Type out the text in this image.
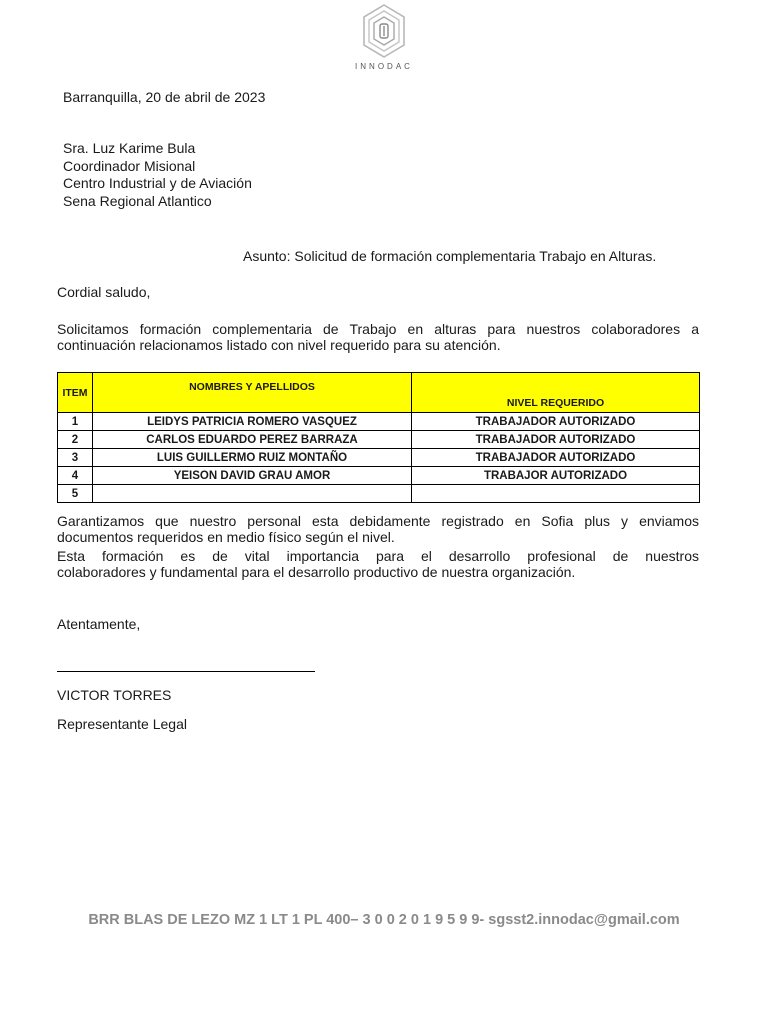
INNODAC
Barranquilla, 20 de abril de 2023
Sra. Luz Karime Bula
Coordinador Misional
Centro Industrial y de Aviación
Sena Regional Atlantico
Asunto: Solicitud de formación complementaria Trabajo en Alturas.
Cordial saludo,
Solicitamos formación complementaria de Trabajo en alturas para nuestros colaboradores a
continuación relacionamos listado con nivel requerido para su atención.
ITEM	NOMBRES Y APELLIDOS	NIVEL REQUERIDO
1	LEIDYS PATRICIA ROMERO VASQUEZ	TRABAJADOR AUTORIZADO
2	CARLOS EDUARDO PEREZ BARRAZA	TRABAJADOR AUTORIZADO
3	LUIS GUILLERMO RUIZ MONTAÑO	TRABAJADOR AUTORIZADO
4	YEISON DAVID GRAU AMOR	TRABAJOR AUTORIZADO
5		
Garantizamos que nuestro personal esta debidamente registrado en Sofia plus y enviamos
documentos requeridos en medio físico según el nivel.
Esta formación es de vital importancia para el desarrollo profesional de nuestros
colaboradores y fundamental para el desarrollo productivo de nuestra organización.
Atentamente,
VICTOR TORRES
Representante Legal
BRR BLAS DE LEZO MZ 1 LT 1 PL 400– 3 0 0 2 0 1 9 5 9 9- sgsst2.innodac@gmail.com
